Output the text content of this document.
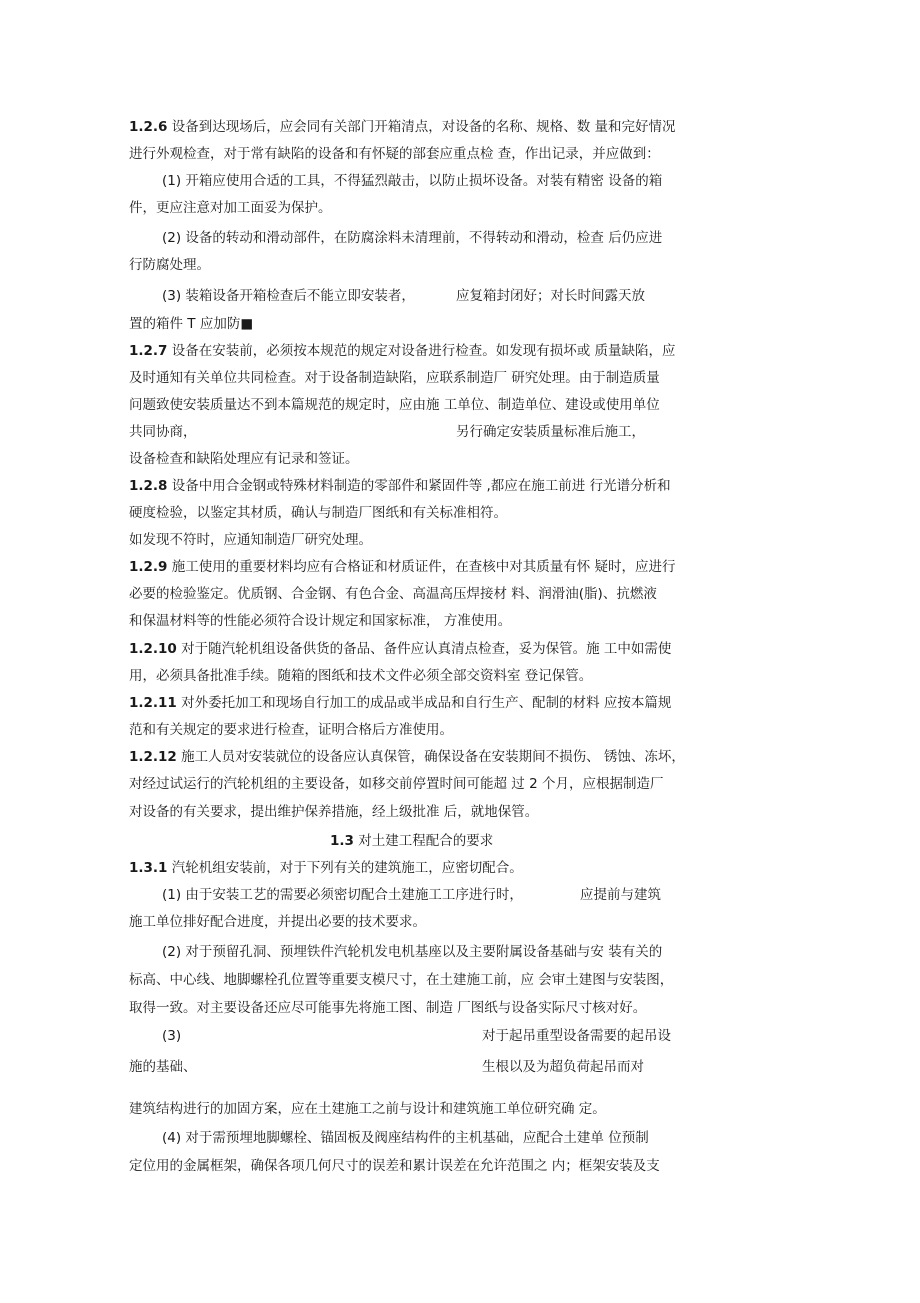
1.2.6 设备到达现场后，应会同有关部门开箱清点，对设备的名称、规格、数 量和完好情况
进行外观检查，对于常有缺陷的设备和有怀疑的部套应重点检 查，作出记录，并应做到：
(1) 开箱应使用合适的工具，不得猛烈敲击，以防止损坏设备。对装有精密 设备的箱
件，更应注意对加工面妥为保护。
(2) 设备的转动和滑动部件，在防腐涂料未清理前，不得转动和滑动，检查 后仍应进
行防腐处理。
(3) 装箱设备开箱检查后不能立即安装者，	应复箱封闭好；对长时间露天放
置的箱件 T 应加防■
1.2.7 设备在安装前，必须按本规范的规定对设备进行检查。如发现有损坏或 质量缺陷，应
及时通知有关单位共同检查。对于设备制造缺陷，应联系制造厂 研究处理。由于制造质量
问题致使安装质量达不到本篇规范的规定时，应由施 工单位、制造单位、建设或使用单位
共同协商，	另行确定安装质量标准后施工，
设备检查和缺陷处理应有记录和签证。
1.2.8 设备中用合金钢或特殊材料制造的零部件和紧固件等 ,都应在施工前进 行光谱分析和
硬度检验，以鉴定其材质，确认与制造厂图纸和有关标准相符。
如发现不符时，应通知制造厂研究处理。
1.2.9 施工使用的重要材料均应有合格证和材质证件，在查核中对其质量有怀 疑时，应进行
必要的检验鉴定。优质钢、合金钢、有色合金、高温高压焊接材 料、润滑油(脂)、抗燃液
和保温材料等的性能必须符合设计规定和国家标准， 方准使用。
1.2.10 对于随汽轮机组设备供货的备品、备件应认真清点检查，妥为保管。施 工中如需使
用，必须具备批准手续。随箱的图纸和技术文件必须全部交资料室 登记保管。
1.2.11 对外委托加工和现场自行加工的成品或半成品和自行生产、配制的材料 应按本篇规
范和有关规定的要求进行检查，证明合格后方准使用。
1.2.12 施工人员对安装就位的设备应认真保管，确保设备在安装期间不损伤、 锈蚀、冻坏，
对经过试运行的汽轮机组的主要设备，如移交前停置时间可能超 过 2 个月，应根据制造厂
对设备的有关要求，提出维护保养措施，经上级批准 后，就地保管。
1.3 对土建工程配合的要求
1.3.1 汽轮机组安装前，对于下列有关的建筑施工，应密切配合。
(1) 由于安装工艺的需要必须密切配合土建施工工序进行时，	应提前与建筑
施工单位排好配合进度，并提出必要的技术要求。
(2) 对于预留孔洞、预埋铁件汽轮机发电机基座以及主要附属设备基础与安 装有关的
标高、中心线、地脚螺栓孔位置等重要支模尺寸，在土建施工前，应 会审土建图与安装图，
取得一致。对主要设备还应尽可能事先将施工图、制造 厂图纸与设备实际尺寸核对好。
(3)	对于起吊重型设备需要的起吊设
施的基础、	生根以及为超负荷起吊而对
建筑结构进行的加固方案，应在土建施工之前与设计和建筑施工单位研究确 定。
(4) 对于需预埋地脚螺栓、锚固板及阀座结构件的主机基础，应配合土建单 位预制
定位用的金属框架，确保各项几何尺寸的误差和累计误差在允许范围之 内；框架安装及支
